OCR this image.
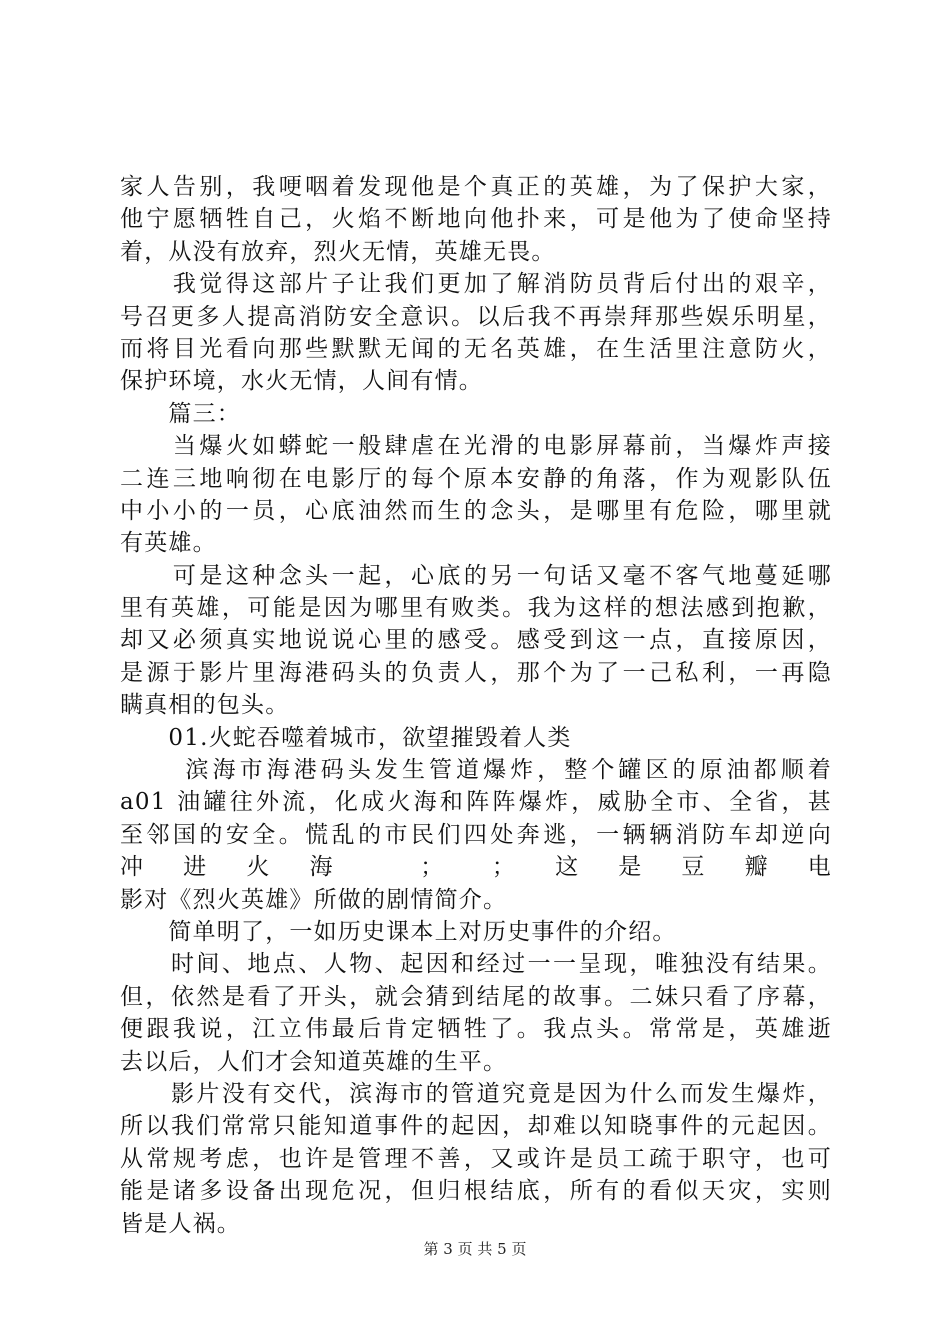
家人告别，我哽咽着发现他是个真正的英雄，为了保护大家，
他宁愿牺牲自己，火焰不断地向他扑来，可是他为了使命坚持
着，从没有放弃，烈火无情，英雄无畏。
　　我觉得这部片子让我们更加了解消防员背后付出的艰辛，
号召更多人提高消防安全意识。以后我不再崇拜那些娱乐明星，
而将目光看向那些默默无闻的无名英雄，在生活里注意防火，
保护环境，水火无情，人间有情。
　　篇三：
　　当爆火如蟒蛇一般肆虐在光滑的电影屏幕前，当爆炸声接
二连三地响彻在电影厅的每个原本安静的角落，作为观影队伍
中小小的一员，心底油然而生的念头，是哪里有危险，哪里就
有英雄。
　　可是这种念头一起，心底的另一句话又毫不客气地蔓延哪
里有英雄，可能是因为哪里有败类。我为这样的想法感到抱歉，
却又必须真实地说说心里的感受。感受到这一点，直接原因，
是源于影片里海港码头的负责人，那个为了一己私利，一再隐
瞒真相的包头。
　　01.火蛇吞噬着城市，欲望摧毁着人类
　　 滨海市海港码头发生管道爆炸，整个罐区的原油都顺着
a01 油罐往外流，化成火海和阵阵爆炸，威胁全市、全省，甚
至邻国的安全。慌乱的市民们四处奔逃，一辆辆消防车却逆向
冲进火海 ； ；这是豆瓣电
影对《烈火英雄》所做的剧情简介。
　　简单明了，一如历史课本上对历史事件的介绍。
　　时间、地点、人物、起因和经过一一呈现，唯独没有结果。
但，依然是看了开头，就会猜到结尾的故事。二妹只看了序幕，
便跟我说，江立伟最后肯定牺牲了。我点头。常常是，英雄逝
去以后，人们才会知道英雄的生平。
　　影片没有交代，滨海市的管道究竟是因为什么而发生爆炸，
所以我们常常只能知道事件的起因，却难以知晓事件的元起因。
从常规考虑，也许是管理不善，又或许是员工疏于职守，也可
能是诸多设备出现危况，但归根结底，所有的看似天灾，实则
皆是人祸。
第 3 页 共 5 页
